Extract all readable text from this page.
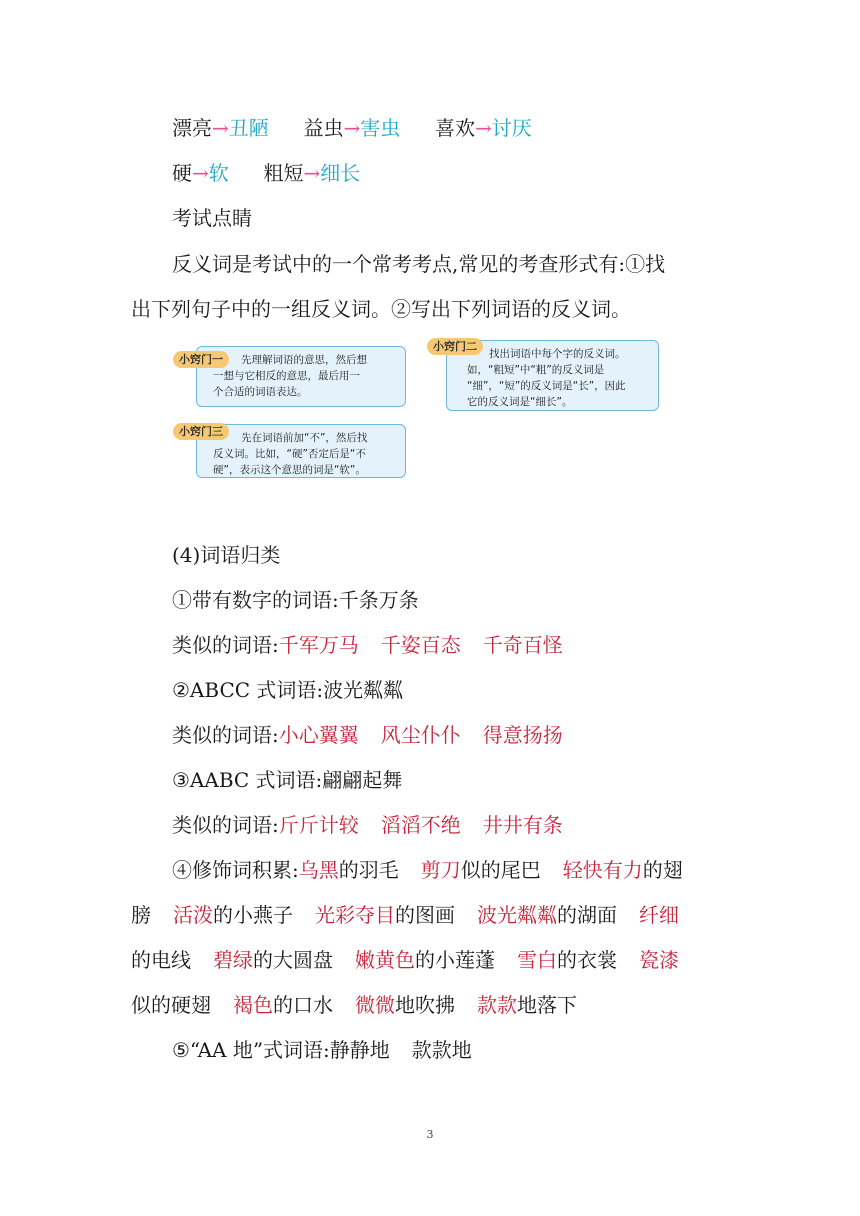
漂亮→丑陋 益虫→害虫 喜欢→讨厌
硬→软 粗短→细长
考试点睛
反义词是考试中的一个常考考点,常见的考查形式有:①找
出下列句子中的一组反义词。②写出下列词语的反义词。
小窍门一	先理解词语的意思，然后想
一想与它相反的意思，最后用一
个合适的词语表达。
小窍门二
找出词语中每个字的反义词。
如，“粗短”中“粗”的反义词是
“细”，“短”的反义词是“长”，因此
它的反义词是“细长”。
小窍门三	先在词语前加“不”，然后找
反义词。比如，“硬”否定后是“不
硬”，表示这个意思的词是“软”。
(4)词语归类
①带有数字的词语:千条万条
类似的词语:千军万马 千姿百态 千奇百怪
②ABCC 式词语:波光粼粼
类似的词语:小心翼翼 风尘仆仆 得意扬扬
③AABC 式词语:翩翩起舞
类似的词语:斤斤计较 滔滔不绝 井井有条
④修饰词积累:乌黑的羽毛 剪刀似的尾巴 轻快有力的翅
膀 活泼的小燕子 光彩夺目的图画 波光粼粼的湖面 纤细
的电线 碧绿的大圆盘 嫩黄色的小莲蓬 雪白的衣裳 瓷漆
似的硬翅 褐色的口水 微微地吹拂 款款地落下
⑤“AA 地”式词语:静静地 款款地
3
